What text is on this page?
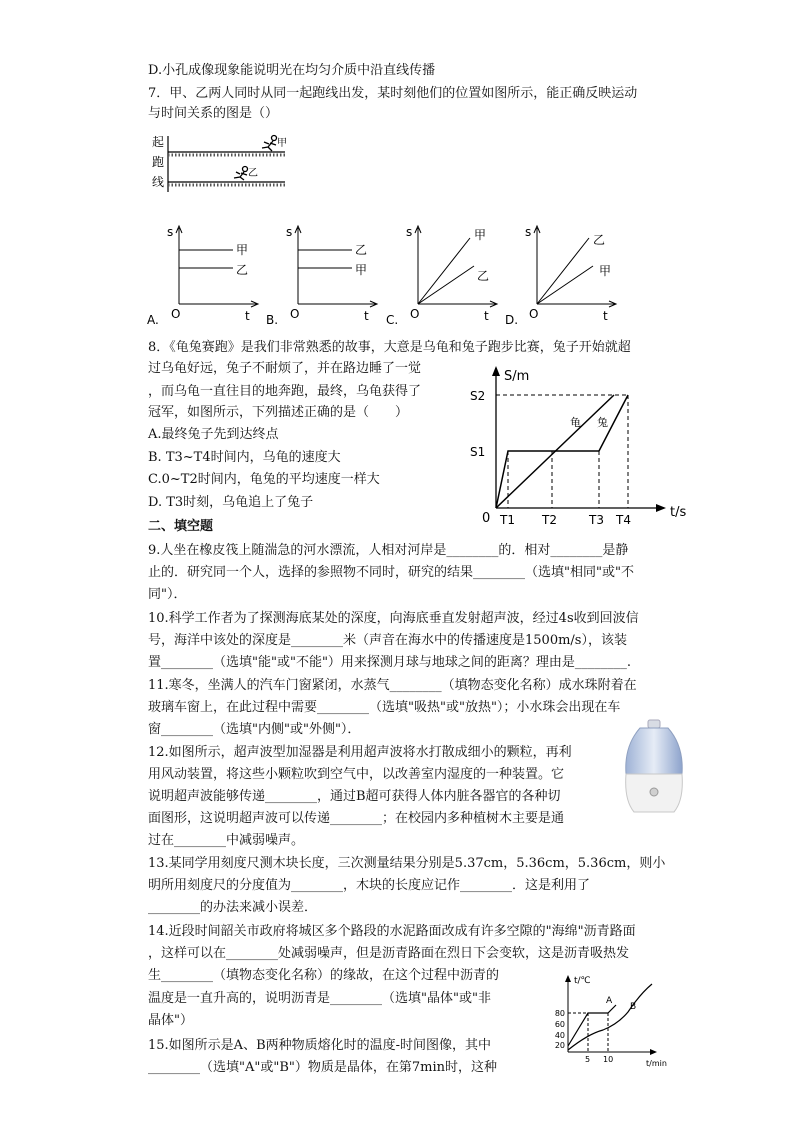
D.小孔成像现象能说明光在均匀介质中沿直线传播
7．甲、乙两人同时从同一起跑线出发，某时刻他们的位置如图所示，能正确反映运动
与时间关系的图是（）
8．《龟兔赛跑》是我们非常熟悉的故事，大意是乌龟和兔子跑步比赛，兔子开始就超
过乌龟好远，兔子不耐烦了，并在路边睡了一觉
，而乌龟一直往目的地奔跑，最终，乌龟获得了
冠军，如图所示，下列描述正确的是（　　）
A.最终兔子先到达终点
B. T3~T4时间内，乌龟的速度大
C.0~T2时间内，龟兔的平均速度一样大
D. T3时刻，乌龟追上了兔子
二、填空题
9.人坐在橡皮筏上随湍急的河水漂流，人相对河岸是________的．相对________是静
止的．研究同一个人，选择的参照物不同时，研究的结果________（选填"相同"或"不
同"）．
10.科学工作者为了探测海底某处的深度，向海底垂直发射超声波，经过4s收到回波信
号，海洋中该处的深度是________米（声音在海水中的传播速度是1500m/s），该装
置________（选填"能"或"不能"）用来探测月球与地球之间的距离？理由是________.
11.寒冬，坐满人的汽车门窗紧闭，水蒸气________（填物态变化名称）成水珠附着在
玻璃车窗上，在此过程中需要________（选填"吸热"或"放热"）；小水珠会出现在车
窗________（选填"内侧"或"外侧"）．
12.如图所示，超声波型加湿器是利用超声波将水打散成细小的颗粒，再利
用风动装置，将这些小颗粒吹到空气中，以改善室内湿度的一种装置。它
说明超声波能够传递________，通过B超可获得人体内脏各器官的各种切
面图形，这说明超声波可以传递________；在校园内多种植树木主要是通
过在________中减弱噪声。
13.某同学用刻度尺测木块长度，三次测量结果分别是5.37cm，5.36cm，5.36cm，则小
明所用刻度尺的分度值为________，木块的长度应记作________．这是利用了
________的办法来减小误差．
14.近段时间韶关市政府将城区多个路段的水泥路面改成有许多空隙的"海绵"沥青路面
，这样可以在________处减弱噪声，但是沥青路面在烈日下会变软，这是沥青吸热发
生________（填物态变化名称）的缘故，在这个过程中沥青的
温度是一直升高的，说明沥青是________（选填"晶体"或"非
晶体"）
15.如图所示是A、B两种物质熔化时的温度-时间图像，其中
________（选填"A"或"B"）物质是晶体，在第7min时，这种
起
跑
线
甲
乙
A.
s
O	t
甲
乙
B.
s
O	t
乙
甲
C.
s
O	t
甲
乙
D.
s
O	t
乙
甲
S/m
t/s
0
S2
S1
T1 T2	T3 T4
龟 兔
t/℃
t/min
80
60
40
20
5 10
A
B
